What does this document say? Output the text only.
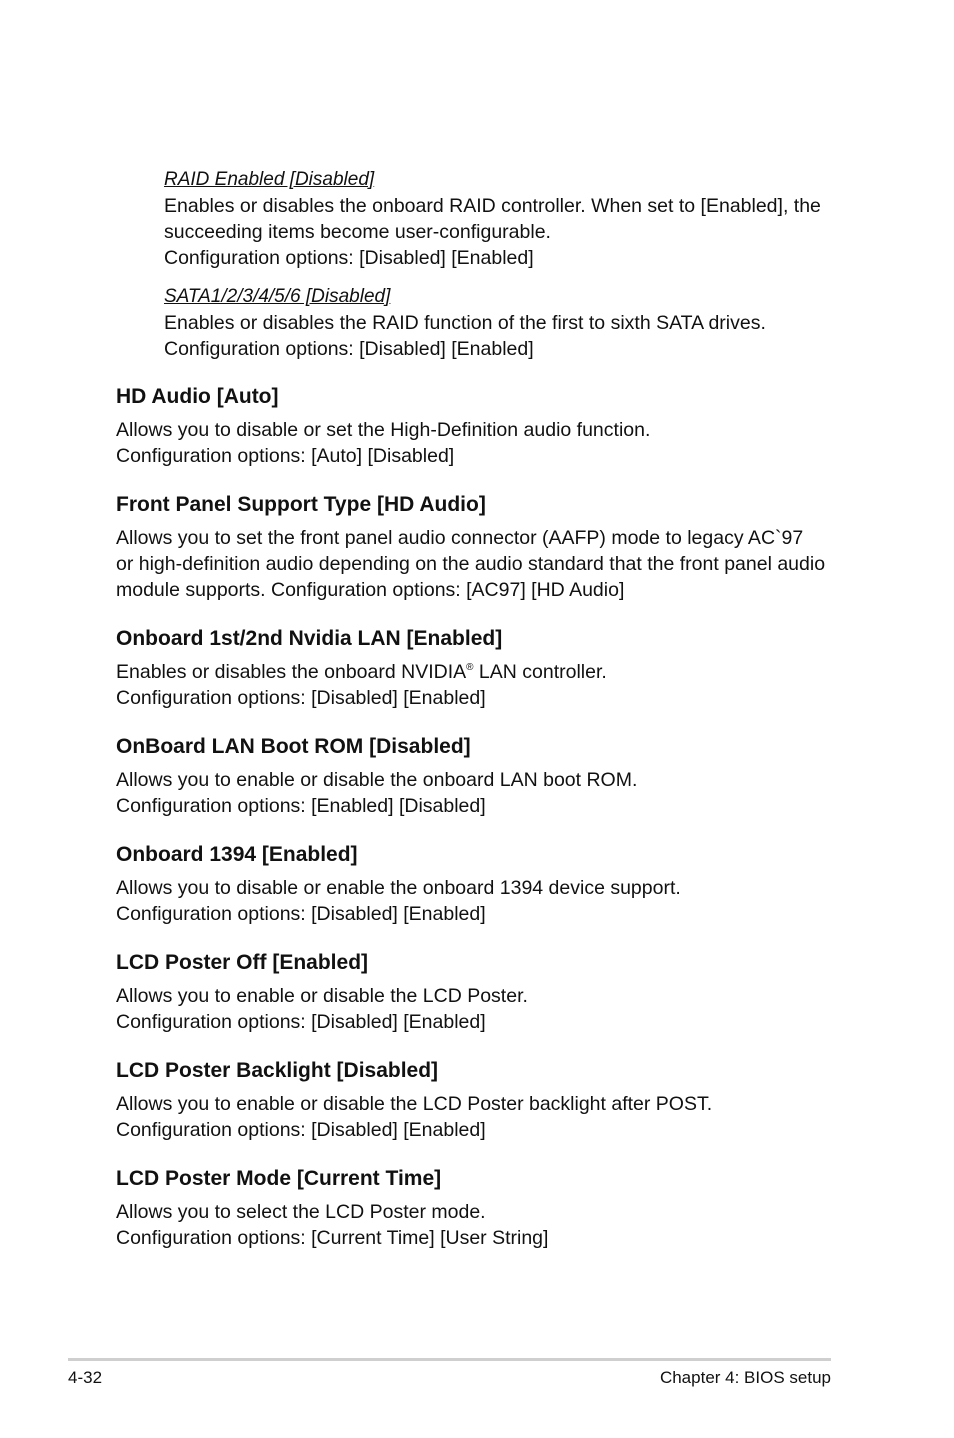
RAID Enabled [Disabled]

Enables or disables the onboard RAID controller. When set to [Enabled], the

succeeding items become user-configurable.

Configuration options: [Disabled] [Enabled]

SATA1/2/3/4/5/6 [Disabled]

Enables or disables the RAID function of the first to sixth SATA drives.

Configuration options: [Disabled] [Enabled]

HD Audio [Auto]

Allows you to disable or set the High-Definition audio function.

Configuration options: [Auto] [Disabled]

Front Panel Support Type [HD Audio]

Allows you to set the front panel audio connector (AAFP) mode to legacy AC`97

or high-definition audio depending on the audio standard that the front panel audio

module supports. Configuration options: [AC97] [HD Audio]

Onboard 1st/2nd Nvidia LAN [Enabled]

Enables or disables the onboard NVIDIA® LAN controller.

Configuration options: [Disabled] [Enabled]

OnBoard LAN Boot ROM [Disabled]

Allows you to enable or disable the onboard LAN boot ROM.

Configuration options: [Enabled] [Disabled]

Onboard 1394 [Enabled]

Allows you to disable or enable the onboard 1394 device support.

Configuration options: [Disabled] [Enabled]

LCD Poster Off [Enabled]

Allows you to enable or disable the LCD Poster.

Configuration options: [Disabled] [Enabled]

LCD Poster Backlight [Disabled]

Allows you to enable or disable the LCD Poster backlight after POST.

Configuration options: [Disabled] [Enabled]

LCD Poster Mode [Current Time]

Allows you to select the LCD Poster mode.

Configuration options: [Current Time] [User String]

4-32	Chapter 4: BIOS setup
